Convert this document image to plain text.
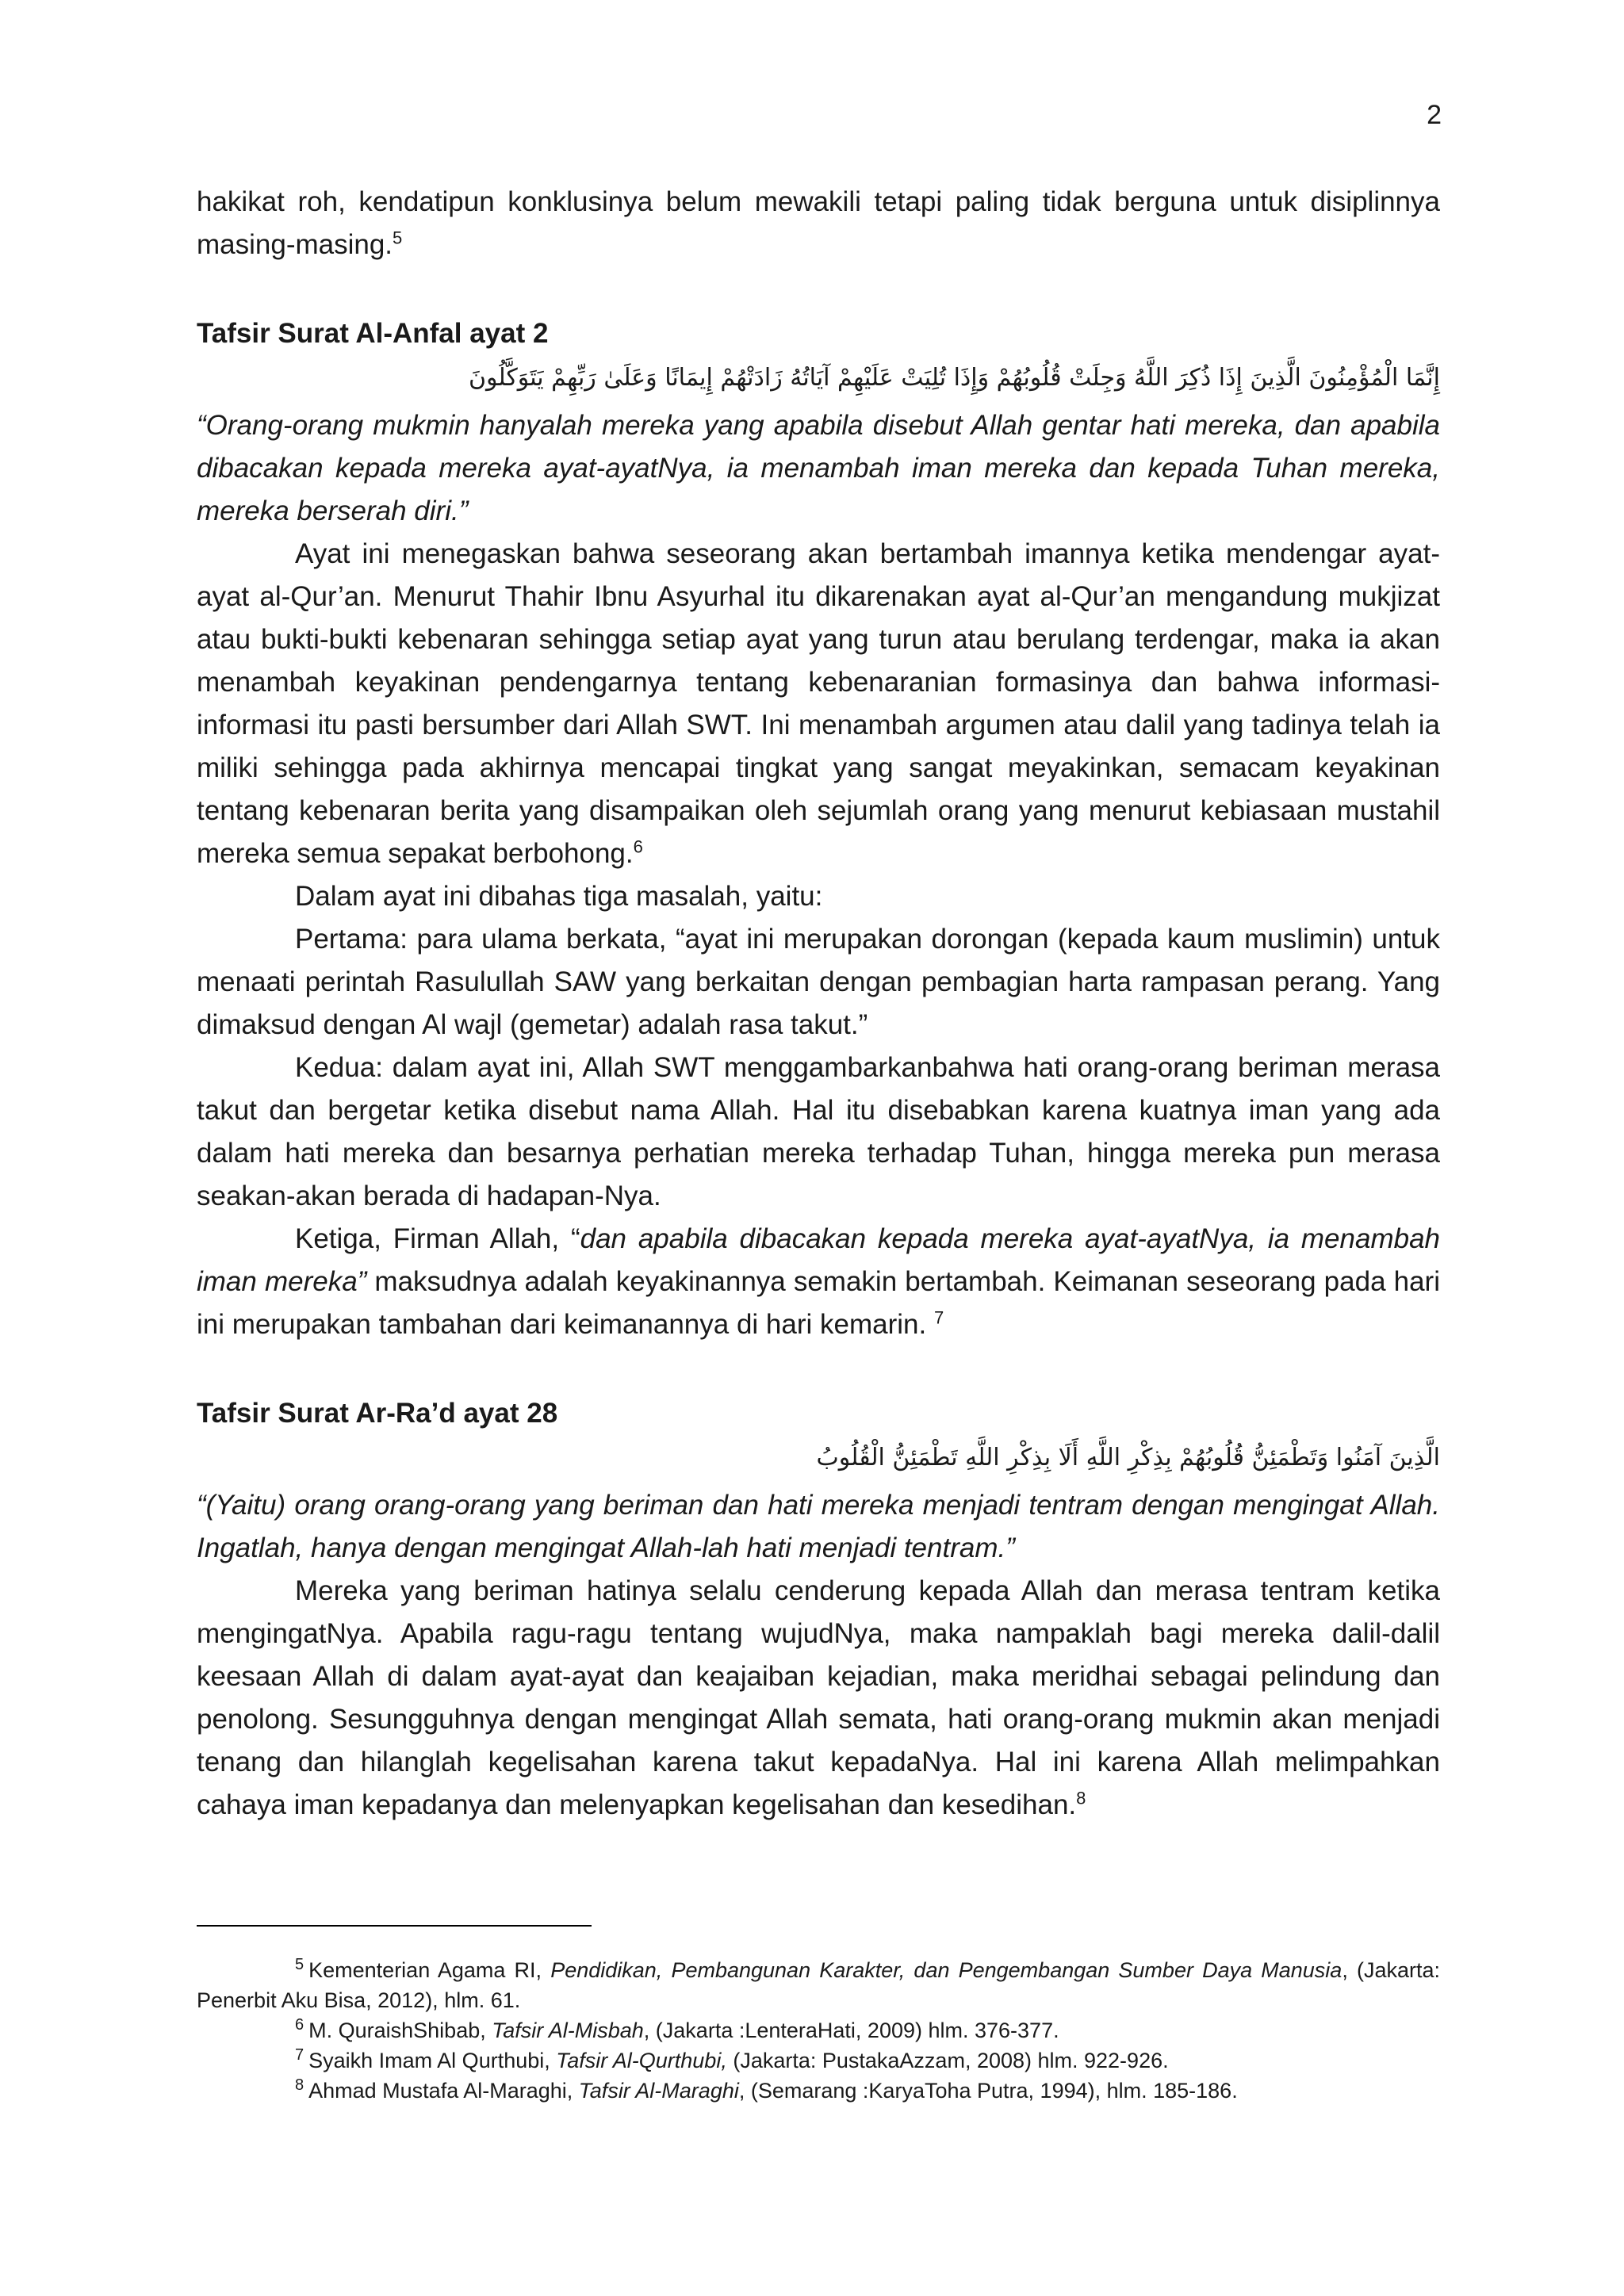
2

hakikat roh, kendatipun konklusinya belum mewakili tetapi paling tidak berguna untuk disiplinnya masing-masing.$^5$

Tafsir Surat Al-Anfal ayat 2
إِنَّمَا الْمُؤْمِنُونَ الَّذِينَ إِذَا ذُكِرَ اللَّهُ وَجِلَتْ قُلُوبُهُمْ وَإِذَا تُلِيَتْ عَلَيْهِمْ آيَاتُهُ زَادَتْهُمْ إِيمَانًا وَعَلَىٰ رَبِّهِمْ يَتَوَكَّلُونَ

“Orang-orang mukmin hanyalah mereka yang apabila disebut Allah gentar hati mereka, dan apabila dibacakan kepada mereka ayat-ayatNya, ia menambah iman mereka dan kepada Tuhan mereka, mereka berserah diri.”

Ayat ini menegaskan bahwa seseorang akan bertambah imannya ketika mendengar ayat-ayat al-Qur’an. Menurut Thahir Ibnu Asyurhal itu dikarenakan ayat al-Qur’an mengandung mukjizat atau bukti-bukti kebenaran sehingga setiap ayat yang turun atau berulang terdengar, maka ia akan menambah keyakinan pendengarnya tentang kebenaranian formasinya dan bahwa informasi-informasi itu pasti bersumber dari Allah SWT. Ini menambah argumen atau dalil yang tadinya telah ia miliki sehingga pada akhirnya mencapai tingkat yang sangat meyakinkan, semacam keyakinan tentang kebenaran berita yang disampaikan oleh sejumlah orang yang menurut kebiasaan mustahil mereka semua sepakat berbohong.$^6$

Dalam ayat ini dibahas tiga masalah, yaitu:

Pertama: para ulama berkata, “ayat ini merupakan dorongan (kepada kaum muslimin) untuk menaati perintah Rasulullah SAW yang berkaitan dengan pembagian harta rampasan perang. Yang dimaksud dengan Al wajl (gemetar) adalah rasa takut.”

Kedua: dalam ayat ini, Allah SWT menggambarkanbahwa hati orang-orang beriman merasa takut dan bergetar ketika disebut nama Allah. Hal itu disebabkan karena kuatnya iman yang ada dalam hati mereka dan besarnya perhatian mereka terhadap Tuhan, hingga mereka pun merasa seakan-akan berada di hadapan-Nya.

Ketiga, Firman Allah, “dan apabila dibacakan kepada mereka ayat-ayatNya, ia menambah iman mereka” maksudnya adalah keyakinannya semakin bertambah. Keimanan seseorang pada hari ini merupakan tambahan dari keimanannya di hari kemarin. $^7$

Tafsir Surat Ar-Ra’d ayat 28
الَّذِينَ آمَنُوا وَتَطْمَئِنُّ قُلُوبُهُمْ بِذِكْرِ اللَّهِ أَلَا بِذِكْرِ اللَّهِ تَطْمَئِنُّ الْقُلُوبُ

“(Yaitu) orang orang-orang yang beriman dan hati mereka menjadi tentram dengan mengingat Allah. Ingatlah, hanya dengan mengingat Allah-lah hati menjadi tentram.”

Mereka yang beriman hatinya selalu cenderung kepada Allah dan merasa tentram ketika mengingatNya. Apabila ragu-ragu tentang wujudNya, maka nampaklah bagi mereka dalil-dalil keesaan Allah di dalam ayat-ayat dan keajaiban kejadian, maka meridhai sebagai pelindung dan penolong. Sesungguhnya dengan mengingat Allah semata, hati orang-orang mukmin akan menjadi tenang dan hilanglah kegelisahan karena takut kepadaNya. Hal ini karena Allah melimpahkan cahaya iman kepadanya dan melenyapkan kegelisahan dan kesedihan.$^8$

$^5$ Kementerian Agama RI, Pendidikan, Pembangunan Karakter, dan Pengembangan Sumber Daya Manusia, (Jakarta: Penerbit Aku Bisa, 2012), hlm. 61.
$^6$ M. QuraishShibab, Tafsir Al-Misbah, (Jakarta :LenteraHati, 2009) hlm. 376-377.
$^7$ Syaikh Imam Al Qurthubi, Tafsir Al-Qurthubi, (Jakarta: PustakaAzzam, 2008) hlm. 922-926.
$^8$ Ahmad Mustafa Al-Maraghi, Tafsir Al-Maraghi, (Semarang :KaryaToha Putra, 1994), hlm. 185-186.
